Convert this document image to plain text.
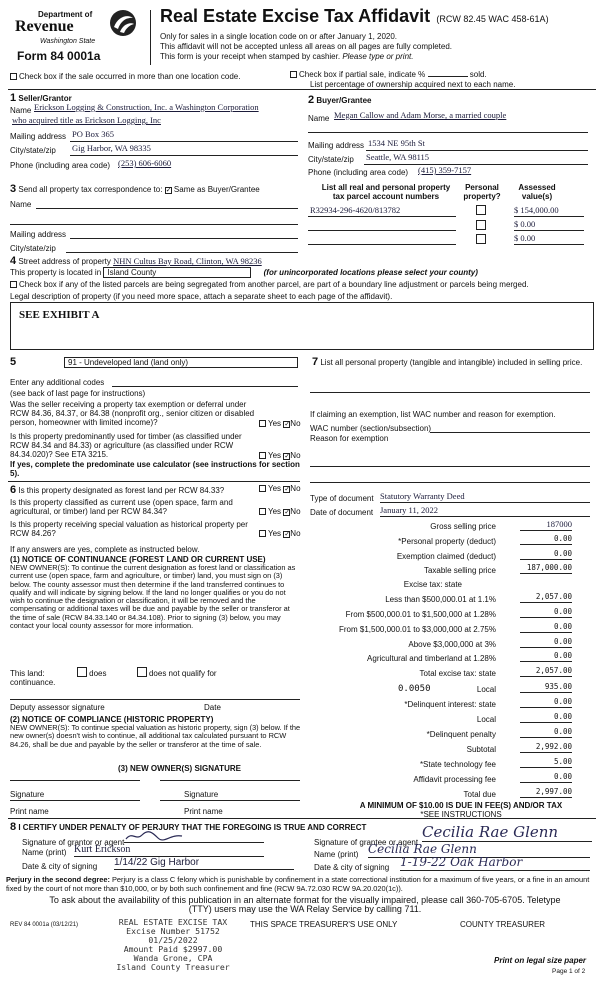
Department of
Revenue
Washington State
Form 84 0001a
Real Estate Excise Tax Affidavit (RCW 82.45 WAC 458-61A)
Only for sales in a single location code on or after January 1, 2020.
This affidavit will not be accepted unless all areas on all pages are fully completed.
This form is your receipt when stamped by cashier. Please type or print.
Check box if the sale occurred in more than one location code.	Check box if partial sale, indicate %	sold.
List percentage of ownership acquired next to each name.
1 Seller/Grantor
Name Erickson Logging & Construction, Inc. a Washington Corporation
who acquired title as Erickson Logging, Inc
Mailing address PO Box 365
City/state/zip Gig Harbor, WA 98335
Phone (including area code) (253) 606-6060
2 Buyer/Grantee
Name Megan Callow and Adam Morse, a married couple
Mailing address 1534 NE 95th St
City/state/zip Seattle, WA 98115
Phone (including area code) (415) 359-7157
3 Send all property tax correspondence to: ✓ Same as Buyer/Grantee
Name
Mailing address
City/state/zip
List all real and personal property tax parcel account numbers
Personal property?
Assessed value(s)
R32934-296-4620/813782	$ 154,000.00
$ 0.00
$ 0.00
4 Street address of property NHN Cultus Bay Road, Clinton, WA 98236
This property is located in Island County	(for unincorporated locations please select your county)
Check box if any of the listed parcels are being segregated from another parcel, are part of a boundary line adjustment or parcels being merged.
Legal description of property (if you need more space, attach a separate sheet to each page of the affidavit).
SEE EXHIBIT A
5	91 - Undeveloped land (land only)
Enter any additional codes
(see back of last page for instructions)
Was the seller receiving a property tax exemption or deferral under RCW 84.36, 84.37, or 84.38 (nonprofit org., senior citizen or disabled person, homeowner with limited income)?	Yes ✓No
Is this property predominantly used for timber (as classified under RCW 84.34 and 84.33) or agriculture (as classified under RCW 84.34.020)? See ETA 3215.	Yes ✓No
If yes, complete the predominate use calculator (see instructions for section 5).
6 Is this property designated as forest land per RCW 84.33?	Yes ✓No
Is this property classified as current use (open space, farm and agricultural, or timber) land per RCW 84.34?	Yes ✓No
Is this property receiving special valuation as historical property per RCW 84.26?	Yes ✓No
If any answers are yes, complete as instructed below.
(1) NOTICE OF CONTINUANCE (FOREST LAND OR CURRENT USE)
NEW OWNER(S): To continue the current designation as forest land or classification as current use (open space, farm and agriculture, or timber) land, you must sign on (3) below. The county assessor must then determine if the land transferred continues to qualify and will indicate by signing below. If the land no longer qualifies or you do not wish to continue the designation or classification, it will be removed and the compensating or additional taxes will be due and payable by the seller or transferor at the time of sale (RCW 84.33.140 or 84.34.108). Prior to signing (3) below, you may contact your local county assessor for more information.
This land:	does	does not qualify for
continuance.
Deputy assessor signature	Date
(2) NOTICE OF COMPLIANCE (HISTORIC PROPERTY)
NEW OWNER(S): To continue special valuation as historic property, sign (3) below. If the new owner(s) doesn't wish to continue, all additional tax calculated pursuant to RCW 84.26, shall be due and payable by the seller or transferor at the time of sale.
(3) NEW OWNER(S) SIGNATURE
Signature	Signature
Print name	Print name
7 List all personal property (tangible and intangible) included in selling price.
If claiming an exemption, list WAC number and reason for exemption.
WAC number (section/subsection)
Reason for exemption
Type of document Statutory Warranty Deed
Date of document January 11, 2022
Gross selling price	187000
*Personal property (deduct)	0.00
Exemption claimed (deduct)	0.00
Taxable selling price	187,000.00
Excise tax: state
Less than $500,000.01 at 1.1%	2,057.00
From $500,000.01 to $1,500,000 at 1.28%	0.00
From $1,500,000.01 to $3,000,000 at 2.75%	0.00
Above $3,000,000 at 3%	0.00
Agricultural and timberland at 1.28%	0.00
Total excise tax: state	2,057.00
0.0050	Local	935.00
*Delinquent interest: state	0.00
Local	0.00
*Delinquent penalty	0.00
Subtotal	2,992.00
*State technology fee	5.00
Affidavit processing fee	0.00
Total due	2,997.00
A MINIMUM OF $10.00 IS DUE IN FEE(S) AND/OR TAX
*SEE INSTRUCTIONS
8 I CERTIFY UNDER PENALTY OF PERJURY THAT THE FOREGOING IS TRUE AND CORRECT
Signature of grantor or agent
Name (print) Kurt Erickson
Date & city of signing 1/14/22 Gig Harbor
Signature of grantee or agent
Cecilia Rae Glenn
Name (print) Cecilia Rae Glenn
Date & city of signing 1-19-22 Oak Harbor
Perjury in the second degree: Perjury is a class C felony which is punishable by confinement in a state correctional institution for a maximum of five years, or a fine in an amount fixed by the court of not more than $10,000, or by both such confinement and fine (RCW 9A.72.030 RCW 9A.20.020(1c)).
To ask about the availability of this publication in an alternate format for the visually impaired, please call 360-705-6705. Teletype (TTY) users may use the WA Relay Service by calling 711.
REV 84 0001a (03/12/21)	REAL ESTATE EXCISE TAX
Excise Number 51752
01/25/2022
Amount Paid $2997.00
Wanda Grone, CPA
Island County Treasurer
THIS SPACE TREASURER'S USE ONLY	COUNTY TREASURER
Print on legal size paper
Page 1 of 2
